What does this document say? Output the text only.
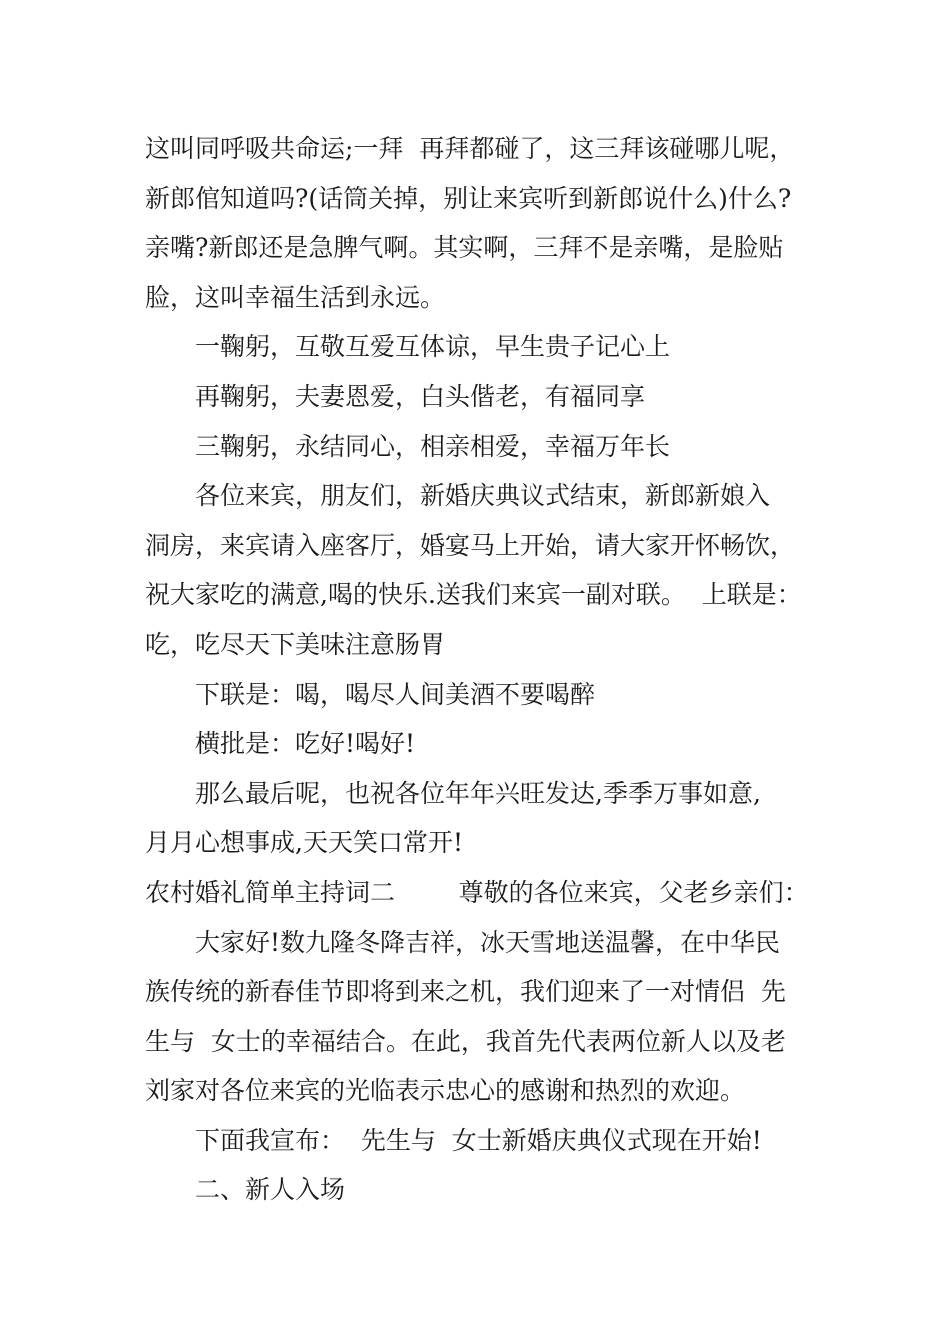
这叫同呼吸共命运;一拜  再拜都碰了，这三拜该碰哪儿呢，
新郎倌知道吗?(话筒关掉，别让来宾听到新郎说什么)什么?
亲嘴?新郎还是急脾气啊。其实啊，三拜不是亲嘴，是脸贴
脸，这叫幸福生活到永远。
一鞠躬，互敬互爱互体谅，早生贵子记心上
再鞠躬，夫妻恩爱，白头偕老，有福同享
三鞠躬，永结同心，相亲相爱，幸福万年长
各位来宾，朋友们，新婚庆典议式结束，新郎新娘入
洞房，来宾请入座客厅，婚宴马上开始，请大家开怀畅饮，
祝大家吃的满意,喝的快乐.送我们来宾一副对联。  上联是：
吃，吃尽天下美味注意肠胃
下联是：喝，喝尽人间美酒不要喝醉
横批是：吃好!喝好!
那么最后呢，也祝各位年年兴旺发达,季季万事如意,
月月心想事成,天天笑口常开!
农村婚礼简单主持词二        尊敬的各位来宾，父老乡亲们：
大家好!数九隆冬降吉祥，冰天雪地送温馨，在中华民
族传统的新春佳节即将到来之机，我们迎来了一对情侣  先
生与  女士的幸福结合。在此，我首先代表两位新人以及老
刘家对各位来宾的光临表示忠心的感谢和热烈的欢迎。
下面我宣布：  先生与  女士新婚庆典仪式现在开始!
二、新人入场
